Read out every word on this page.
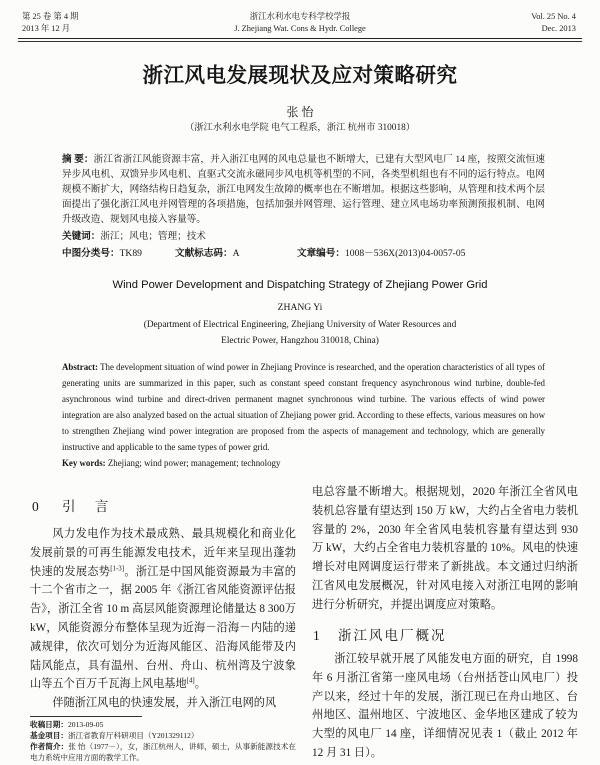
第 25 卷 第 4 期
2013 年 12 月
浙江水利水电专科学校学报
J. Zhejiang Wat. Cons & Hydr. College
Vol. 25 No. 4
Dec. 2013
浙江风电发展现状及应对策略研究
张 怡
（浙江水利水电学院 电气工程系，浙江 杭州市 310018）
摘 要：浙江省浙江风能资源丰富，并入浙江电网的风电总量也不断增大，已建有大型风电厂 14 座，按照交流恒速异步风电机、双馈异步风电机、直驱式交流永磁同步风电机等机型的不同，各类型机组也有不同的运行特点。电网规模不断扩大，网络结构日趋复杂，浙江电网发生故障的概率也在不断增加。根据这些影响，从管理和技术两个层面提出了强化浙江风电并网管理的各项措施，包括加强并网管理、运行管理、建立风电场功率预测预报机制、电网升级改造、规划风电接入容量等。
关键词：浙江；风电；管理；技术
中图分类号：TK89	文献标志码：A	文章编号：1008－536X(2013)04-0057-05
Wind Power Development and Dispatching Strategy of Zhejiang Power Grid
ZHANG Yi
(Department of Electrical Engineering, Zhejiang University of Water Resources and
Electric Power, Hangzhou 310018, China)

Abstract: The development situation of wind power in Zhejiang Province is researched, and the operation characteristics of all types of generating units are summarized in this paper, such as constant speed constant frequency asynchronous wind turbine, double-fed asynchronous wind turbine and direct-driven permanent magnet synchronous wind turbine. The various effects of wind power integration are also analyzed based on the actual situation of Zhejiang power grid. According to these effects, various measures on how to strengthen Zhejiang wind power integration are proposed from the aspects of management and technology, which are generally instructive and applicable to the same types of power grid.

Key words: Zhejiang; wind power; management; technology

0 引 言

风力发电作为技术最成熟、最具规模化和商业化发展前景的可再生能源发电技术，近年来呈现出蓬勃快速的发展态势[1-3]。浙江是中国风能资源最为丰富的十二个省市之一，据 2005 年《浙江省风能资源评估报告》，浙江全省 10 m 高层风能资源理论储量达 8 300万 kW，风能资源分布整体呈现为近海－沿海－内陆的递减规律，依次可划分为近海风能区、沿海风能带及内陆风能点，具有温州、台州、舟山、杭州湾及宁波象山等五个百万千瓦海上风电基地[4]。

伴随浙江风电的快速发展，并入浙江电网的风

收稿日期：2013-09-05

基金项目：浙江省教育厅科研项目（Y201329112）

作者简介：张 怡（1977－），女，浙江杭州人，讲师，硕士，从事新能源技术在电力系统中应用方面的教学工作。

电总容量不断增大。根据规划，2020 年浙江全省风电装机总容量有望达到 150 万 kW，大约占全省电力装机容量的 2%，2030 年全省风电装机容量有望达到 930 万 kW，大约占全省电力装机容量的 10%。风电的快速增长对电网调度运行带来了新挑战。本文通过归纳浙江省风电发展概况，针对风电接入对浙江电网的影响进行分析研究，并提出调度应对策略。

1 浙江风电厂概况

浙江较早就开展了风能发电方面的研究，自 1998 年 6 月浙江省第一座风电场（台州括苍山风电厂）投产以来，经过十年的发展，浙江现已在舟山地区、台州地区、温州地区、宁波地区、金华地区建成了较为大型的风电厂 14 座，详细情况见表 1（截止 2012 年 12 月 31 日）。
